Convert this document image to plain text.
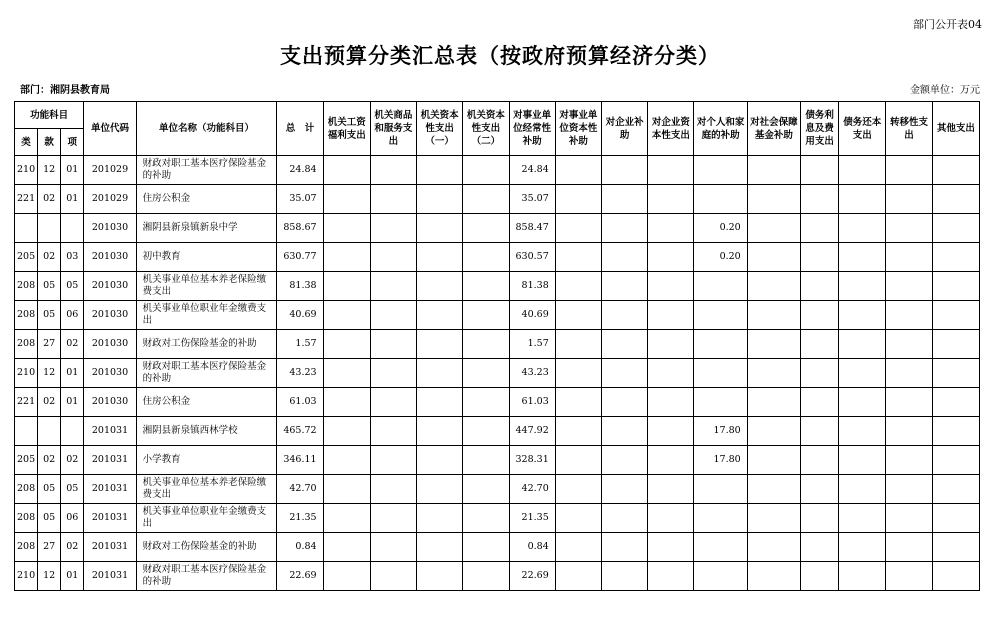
部门公开表04
支出预算分类汇总表（按政府预算经济分类）
部门：湘阴县教育局	金额单位：万元
功能科目			单位代码	单位名称（功能科目）	总　计	机关工资福利支出	机关商品和服务支出	机关资本性支出（一）	机关资本性支出（二）	对事业单位经常性补助	对事业单位资本性补助	对企业补助	对企业资本性支出	对个人和家庭的补助	对社会保障基金补助	债务利息及费用支出	债务还本支出	转移性支出	其他支出
类	款	项																	
210	12	01	201029	财政对职工基本医疗保险基金的补助	24.84					24.84									
221	02	01	201029	住房公积金	35.07					35.07									
			201030	湘阴县新泉镇新泉中学	858.67					858.47				0.20					
205	02	03	201030	初中教育	630.77					630.57				0.20					
208	05	05	201030	机关事业单位基本养老保险缴费支出	81.38					81.38									
208	05	06	201030	机关事业单位职业年金缴费支出	40.69					40.69									
208	27	02	201030	财政对工伤保险基金的补助	1.57					1.57									
210	12	01	201030	财政对职工基本医疗保险基金的补助	43.23					43.23									
221	02	01	201030	住房公积金	61.03					61.03									
			201031	湘阴县新泉镇西林学校	465.72					447.92				17.80					
205	02	02	201031	小学教育	346.11					328.31				17.80					
208	05	05	201031	机关事业单位基本养老保险缴费支出	42.70					42.70									
208	05	06	201031	机关事业单位职业年金缴费支出	21.35					21.35									
208	27	02	201031	财政对工伤保险基金的补助	0.84					0.84									
210	12	01	201031	财政对职工基本医疗保险基金的补助	22.69					22.69									
